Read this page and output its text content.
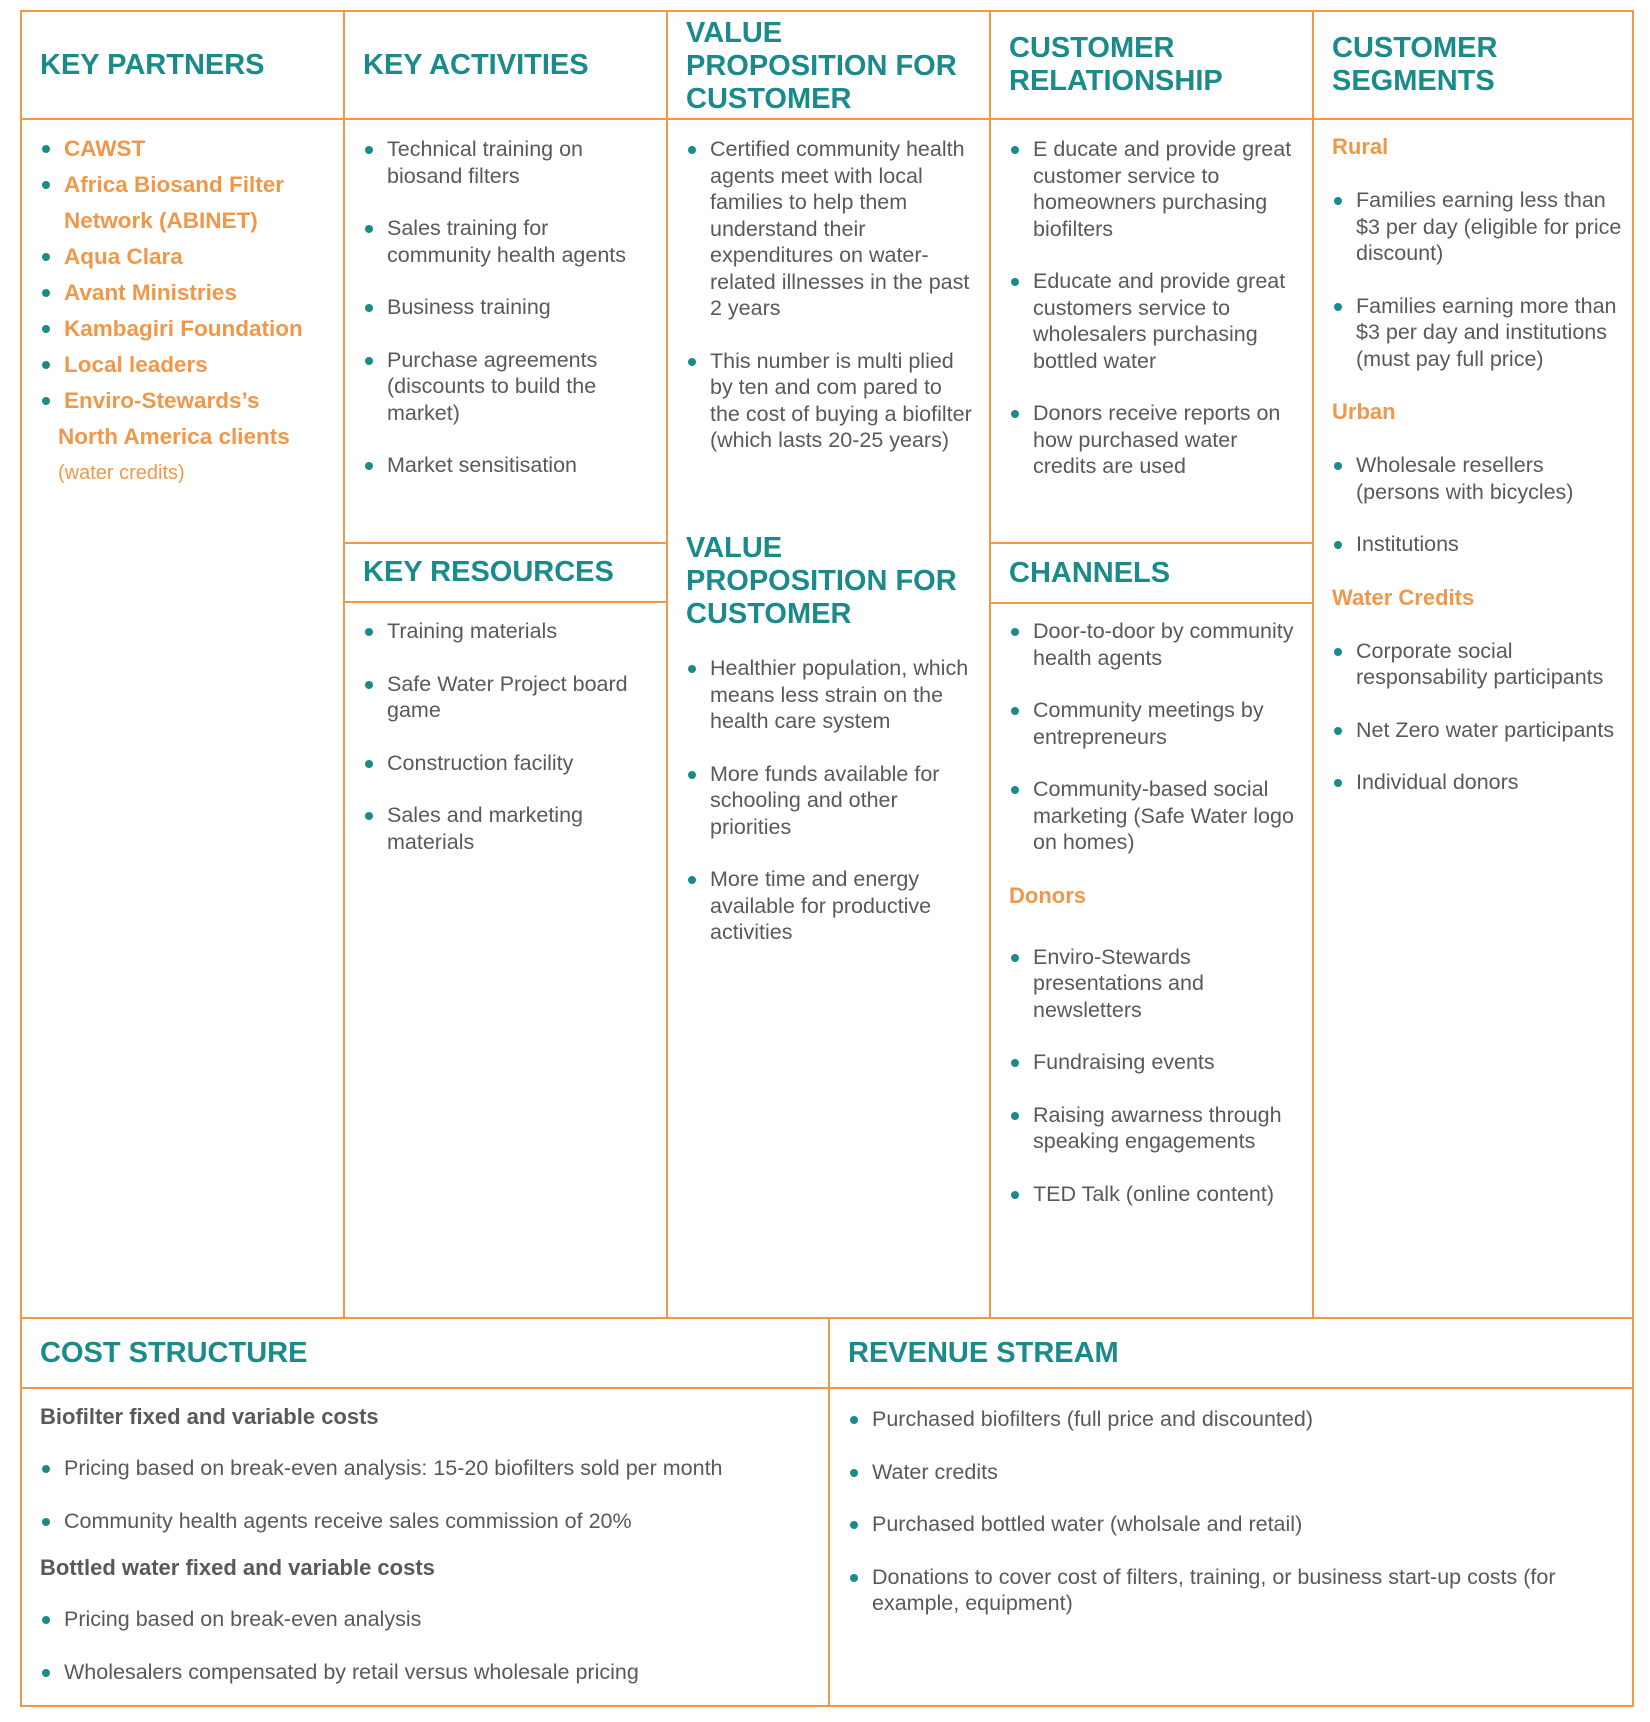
KEY PARTNERS
CAWST
Africa Biosand Filter
Network (ABINET)
Aqua Clara
Avant Ministries
Kambagiri Foundation
Local leaders
Enviro-Stewards’s
North America clients
(water credits)
KEY ACTIVITIES
Technical training on biosand filters
Sales training for community health agents
Business training
Purchase agreements (discounts to build the market)
Market sensitisation
KEY RESOURCES
Training materials
Safe Water Project board game
Construction facility
Sales and marketing materials
VALUE
PROPOSITION FOR
CUSTOMER
Certified community health agents meet with local families to help them understand their expenditures on water-related illnesses in the past 2 years
This number is multi plied by ten and com pared to the cost of buying a biofilter (which lasts 20-25 years)
VALUE
PROPOSITION FOR
CUSTOMER
Healthier population, which means less strain on the health care system
More funds available for schooling and other priorities
More time and energy available for productive activities
CUSTOMER
RELATIONSHIP
E ducate and provide great customer service to homeowners purchasing biofilters
Educate and provide great customers service to wholesalers purchasing bottled water
Donors receive reports on how purchased water credits are used
CHANNELS
Door-to-door by community health agents
Community meetings by entrepreneurs
Community-based social marketing (Safe Water logo on homes)
Donors
Enviro-Stewards presentations and newsletters
Fundraising events
Raising awarness through speaking engagements
TED Talk (online content)
CUSTOMER
SEGMENTS
Rural
Families earning less than $3 per day (eligible for price discount)
Families earning more than $3 per day and institutions (must pay full price)
Urban
Wholesale resellers (persons with bicycles)
Institutions
Water Credits
Corporate social responsability participants
Net Zero water participants
Individual donors
COST STRUCTURE
Biofilter fixed and variable costs
Pricing based on break-even analysis: 15-20 biofilters sold per month
Community health agents receive sales commission of 20%
Bottled water fixed and variable costs
Pricing based on break-even analysis
Wholesalers compensated by retail versus wholesale pricing
REVENUE STREAM
Purchased biofilters (full price and discounted)
Water credits
Purchased bottled water (wholsale and retail)
Donations to cover cost of filters, training, or business start-up costs (for example, equipment)
